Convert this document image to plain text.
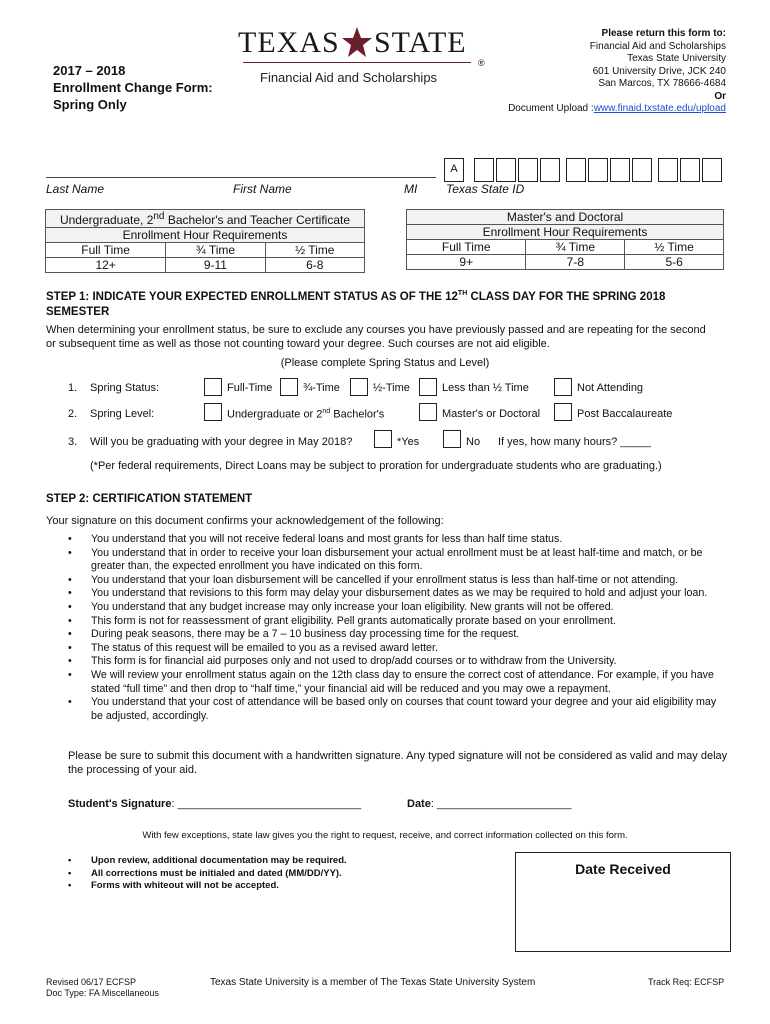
2017 – 2018
Enrollment Change Form:
Spring Only
TEXAS STATE
®
Financial Aid and Scholarships
Please return this form to:
Financial Aid and Scholarships
Texas State University
601 University Drive, JCK 240
San Marcos, TX 78666-4684
Or
Document Upload :www.finaid.txstate.edu/upload
Last Name	First Name	MI Texas State ID
A
Undergraduate, 2nd Bachelor's and Teacher Certificate		
Enrollment Hour Requirements		
Full Time	¾ Time	½ Time
12+	9-11	6-8
Master's and Doctoral		
Enrollment Hour Requirements		
Full Time	¾ Time	½ Time
9+	7-8	5-6
STEP 1: INDICATE YOUR EXPECTED ENROLLMENT STATUS AS OF THE 12TH CLASS DAY FOR THE SPRING 2018
SEMESTER
When determining your enrollment status, be sure to exclude any courses you have previously passed and are repeating for the second
or subsequent time as well as those not counting toward your degree. Such courses are not aid eligible.
(Please complete Spring Status and Level)
1. Spring Status:	Full-Time	¾-Time	½-Time	Less than ½ Time	Not Attending
2. Spring Level:	Undergraduate or 2nd Bachelor's	Master's or Doctoral	Post Baccalaureate
3. Will you be graduating with your degree in May 2018?	*Yes	No If yes, how many hours? _____
(*Per federal requirements, Direct Loans may be subject to proration for undergraduate students who are graduating.)
STEP 2: CERTIFICATION STATEMENT
Your signature on this document confirms your acknowledgement of the following:
• You understand that you will not receive federal loans and most grants for less than half time status.
• You understand that in order to receive your loan disbursement your actual enrollment must be at least half-time and match, or be greater than, the expected enrollment you have indicated on this form.
• You understand that your loan disbursement will be cancelled if your enrollment status is less than half-time or not attending.
• You understand that revisions to this form may delay your disbursement dates as we may be required to hold and adjust your loan.
• You understand that any budget increase may only increase your loan eligibility. New grants will not be offered.
• This form is not for reassessment of grant eligibility. Pell grants automatically prorate based on your enrollment.
• During peak seasons, there may be a 7 – 10 business day processing time for the request.
• The status of this request will be emailed to you as a revised award letter.
• This form is for financial aid purposes only and not used to drop/add courses or to withdraw from the University.
• We will review your enrollment status again on the 12th class day to ensure the correct cost of attendance. For example, if you have stated “full time” and then drop to “half time,” your financial aid will be reduced and you may owe a repayment.
• You understand that your cost of attendance will be based only on courses that count toward your degree and your aid eligibility may be adjusted, accordingly.
Please be sure to submit this document with a handwritten signature. Any typed signature will not be considered as valid and may delay the processing of your aid.
Student's Signature: ______________________________	Date: ______________________
With few exceptions, state law gives you the right to request, receive, and correct information collected on this form.
• Upon review, additional documentation may be required.
• All corrections must be initialed and dated (MM/DD/YY).
• Forms with whiteout will not be accepted.
Date Received
Revised 06/17 ECFSP
Doc Type: FA Miscellaneous
Texas State University is a member of The Texas State University System	Track Req: ECFSP
